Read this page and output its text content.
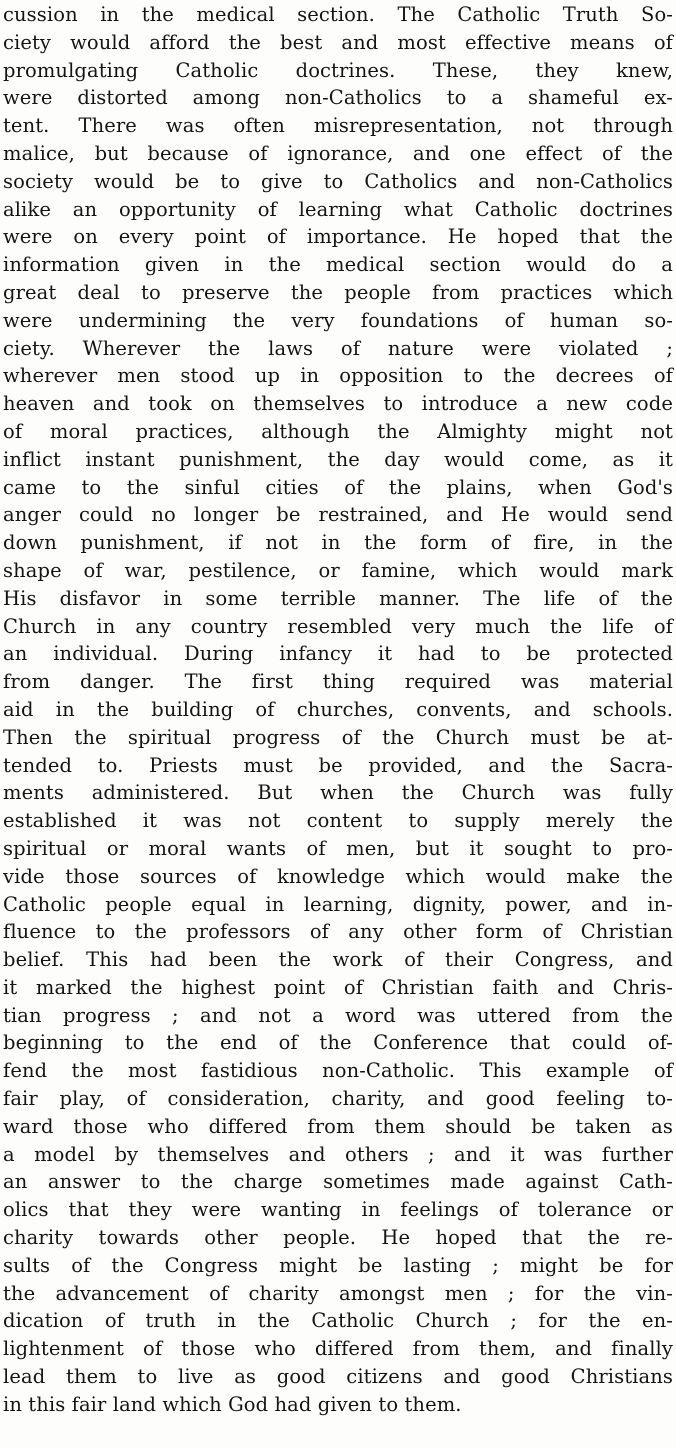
cussion in the medical section. The Catholic Truth So-
ciety would afford the best and most effective means of
promulgating Catholic doctrines. These, they knew,
were distorted among non-Catholics to a shameful ex-
tent. There was often misrepresentation, not through
malice, but because of ignorance, and one effect of the
society would be to give to Catholics and non-Catholics
alike an opportunity of learning what Catholic doctrines
were on every point of importance. He hoped that the
information given in the medical section would do a
great deal to preserve the people from practices which
were undermining the very foundations of human so-
ciety. Wherever the laws of nature were violated ;
wherever men stood up in opposition to the decrees of
heaven and took on themselves to introduce a new code
of moral practices, although the Almighty might not
inflict instant punishment, the day would come, as it
came to the sinful cities of the plains, when God's
anger could no longer be restrained, and He would send
down punishment, if not in the form of fire, in the
shape of war, pestilence, or famine, which would mark
His disfavor in some terrible manner. The life of the
Church in any country resembled very much the life of
an individual. During infancy it had to be protected
from danger. The first thing required was material
aid in the building of churches, convents, and schools.
Then the spiritual progress of the Church must be at-
tended to. Priests must be provided, and the Sacra-
ments administered. But when the Church was fully
established it was not content to supply merely the
spiritual or moral wants of men, but it sought to pro-
vide those sources of knowledge which would make the
Catholic people equal in learning, dignity, power, and in-
fluence to the professors of any other form of Christian
belief. This had been the work of their Congress, and
it marked the highest point of Christian faith and Chris-
tian progress ; and not a word was uttered from the
beginning to the end of the Conference that could of-
fend the most fastidious non-Catholic. This example of
fair play, of consideration, charity, and good feeling to-
ward those who differed from them should be taken as
a model by themselves and others ; and it was further
an answer to the charge sometimes made against Cath-
olics that they were wanting in feelings of tolerance or
charity towards other people. He hoped that the re-
sults of the Congress might be lasting ; might be for
the advancement of charity amongst men ; for the vin-
dication of truth in the Catholic Church ; for the en-
lightenment of those who differed from them, and finally
lead them to live as good citizens and good Christians
in this fair land which God had given to them.
